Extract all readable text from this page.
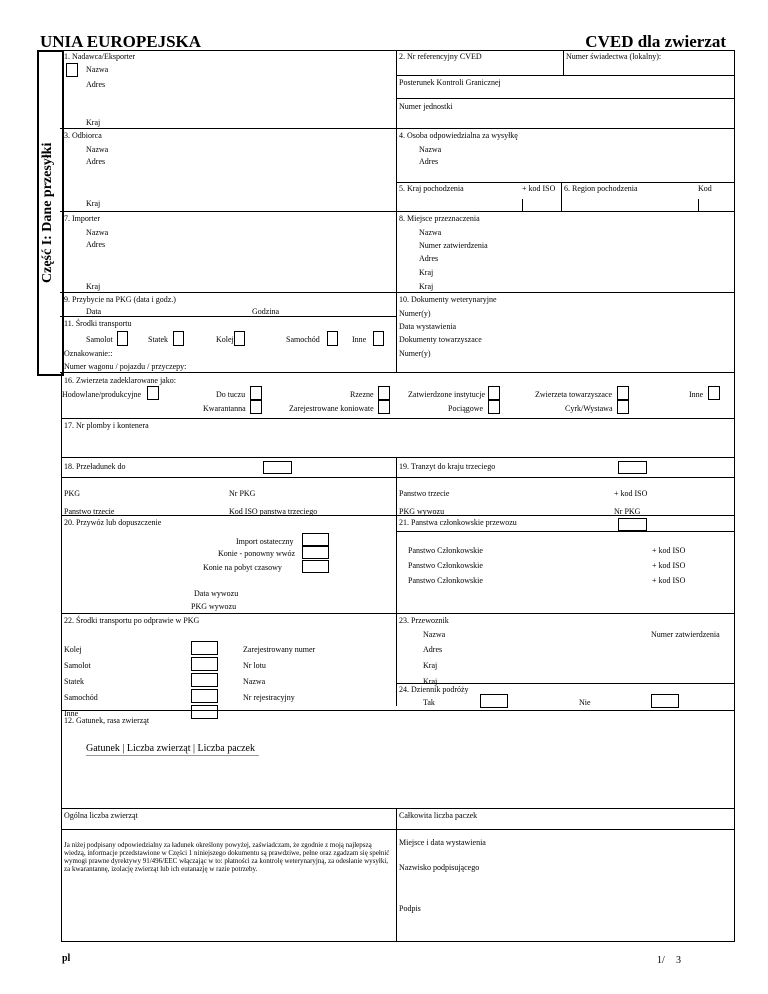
UNIA EUROPEJSKA	CVED dla zwierzat
Część I: Dane przesyłki
1. Nadawca/Eksporter
Nazwa
Adres
Kraj
2. Nr referencyjny CVED	Numer świadectwa (lokalny):
Posterunek Kontroli Granicznej
Numer jednostki
3. Odbiorca
Nazwa
Adres
Kraj
4. Osoba odpowiedzialna za wysyłkę
Nazwa
Adres
5. Kraj pochodzenia	+ kod ISO 6. Region pochodzenia	Kod
7. Importer
Nazwa
Adres
Kraj
8. Miejsce przeznaczenia
Nazwa
Numer zatwierdzenia
Adres
Kraj
Kraj
9. Przybycie na PKG (data i godz.)
Data	Godzina
10. Dokumenty weterynaryjne
Numer(y)
Data wystawienia
Dokumenty towarzyszace
Numer(y)
11. Środki transportu
Samolot	Statek	Kolej	Samochód	Inne
Oznakowanie::
Numer wagonu / pojazdu / przyczepy:
16. Zwierzeta zadeklarowane jako:
Hodowlane/produkcyjne	Do tuczu	Rzezne	Zatwierdzone instytucje	Zwierzeta towarzyszace	Inne
Kwarantanna	Zarejestrowane koniowate	Pociągowe	Cyrk/Wystawa
17. Nr plomby i kontenera
18. Przeładunek do
PKG	Nr PKG
Panstwo trzecie	Kod ISO panstwa trzeciego
19. Tranzyt do kraju trzeciego
Panstwo trzecie	+ kod ISO
PKG wywozu	Nr PKG
20. Przywóz lub dopuszczenie
Import ostateczny
Konie - ponowny wwóz
Konie na pobyt czasowy
Data wywozu
PKG wywozu
21. Panstwa członkowskie przewozu
Panstwo Członkowskie	+ kod ISO
Panstwo Członkowskie	+ kod ISO
Panstwo Członkowskie	+ kod ISO
22. Środki transportu po odprawie w PKG
Kolej	Zarejestrowany numer
Samolot	Nr lotu
Statek	Nazwa
Samochód	Nr rejestracyjny
Inne
23. Przewoznik
Nazwa	Numer zatwierdzenia
Adres
Kraj
Kraj
24. Dziennik podróży
Tak	Nie
12. Gatunek, rasa zwierząt
Gatunek | Liczba zwierząt | Liczba paczek
Ogólna liczba zwierząt	Całkowita liczba paczek
Ja niżej podpisany odpowiedzialny za ładunek określony powyżej, zaświadczam, że zgodnie z moją najlepszą wiedzą, informacje przedstawione w Części 1 niniejszego dokumentu są prawdziwe, pełne oraz zgadzam się spełnić wymogi prawne dyrektywy 91/496/EEC włączając w to: płatności za kontrolę weterynaryjną, za odesłanie wysyłki, za kwarantannę, izolację zwierząt lub ich eutanazję w razie potrzeby.
Miejsce i data wystawienia
Nazwisko podpisującego
Podpis
pl	1/ 3
